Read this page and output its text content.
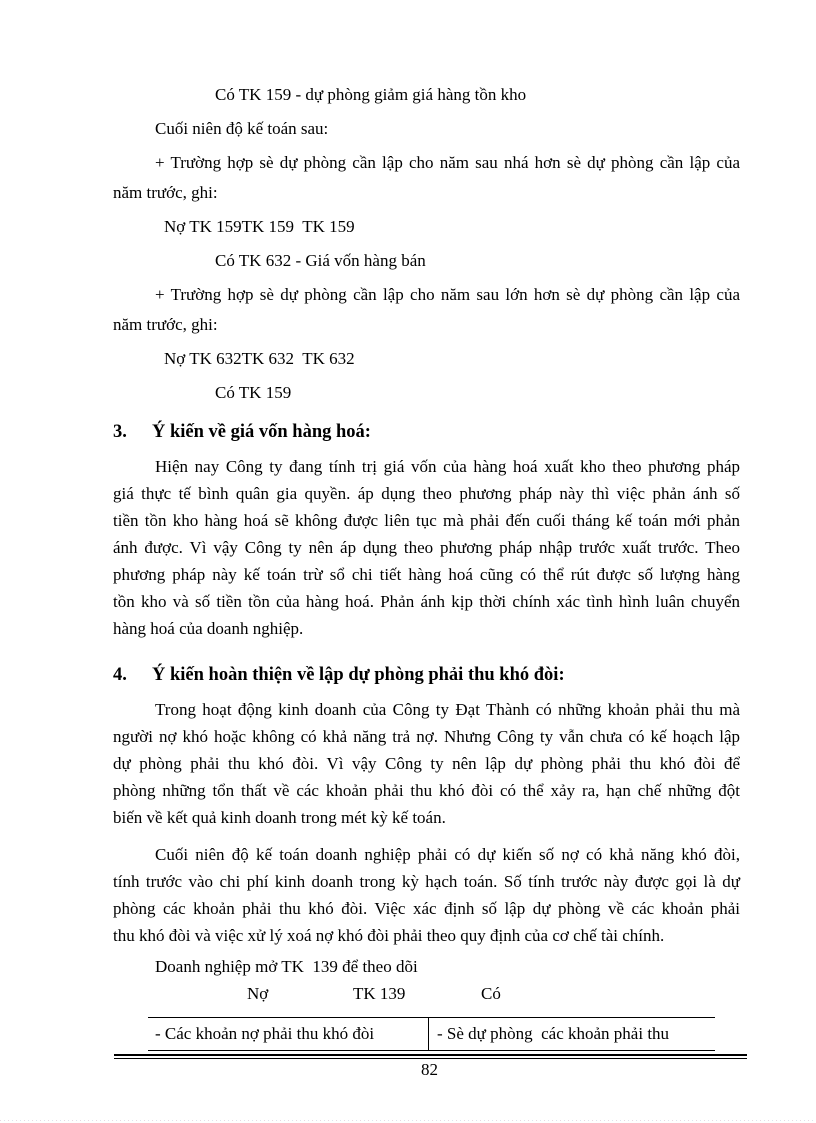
Có TK 159 - dự phòng giảm giá hàng tồn kho
Cuối niên độ kế toán sau:
+ Trường hợp sè dự phòng cần lập cho năm sau nhá hơn sè dự phòng cần lập của
năm trước, ghi:
Nợ TK 159TK 159  TK 159
Có TK 632 - Giá vốn hàng bán
+ Trường hợp sè dự phòng cần lập cho năm sau lớn hơn sè dự phòng cần lập của
năm trước, ghi:
Nợ TK 632TK 632  TK 632
Có TK 159
3.	Ý kiến về giá vốn hàng hoá:
Hiện nay Công ty đang tính trị giá vốn của hàng hoá xuất kho theo phương pháp
giá thực tế bình quân gia quyền. áp dụng theo phương pháp này thì việc phản ánh số
tiền tồn kho hàng hoá sẽ không được liên tục mà phải đến cuối tháng kế toán mới phản
ánh được. Vì vậy Công ty nên áp dụng theo phương pháp nhập trước xuất trước. Theo
phương pháp này kế toán trừ sổ chi tiết hàng hoá cũng có thể rút được số lượng hàng
tồn kho và số tiền tồn của hàng hoá. Phản ánh kịp thời chính xác tình hình luân chuyển
hàng hoá của doanh nghiệp.
4.	Ý kiến hoàn thiện về lập dự phòng phải thu khó đòi:
Trong hoạt động kinh doanh của Công ty Đạt Thành có những khoản phải thu mà
người nợ khó hoặc không có khả năng trả nợ. Nhưng Công ty vẫn chưa có kế hoạch lập
dự phòng phải thu khó đòi. Vì vậy Công ty nên lập dự phòng phải thu khó đòi để
phòng những tổn thất về các khoản phải thu khó đòi có thể xảy ra, hạn chế những đột
biến về kết quả kinh doanh trong mét kỳ kế toán.
Cuối niên độ kế toán doanh nghiệp phải có dự kiến số nợ có khả năng khó đòi,
tính trước vào chi phí kinh doanh trong kỳ hạch toán. Số tính trước này được gọi là dự
phòng các khoản phải thu khó đòi. Việc xác định số lập dự phòng về các khoản phải
thu khó đòi và việc xử lý xoá nợ khó đòi phải theo quy định của cơ chế tài chính.
Doanh nghiệp mở TK  139 để theo dõi
Nợ	TK 139	Có
- Các khoản nợ phải thu khó đòi	- Sè dự phòng  các khoản phải thu
82
